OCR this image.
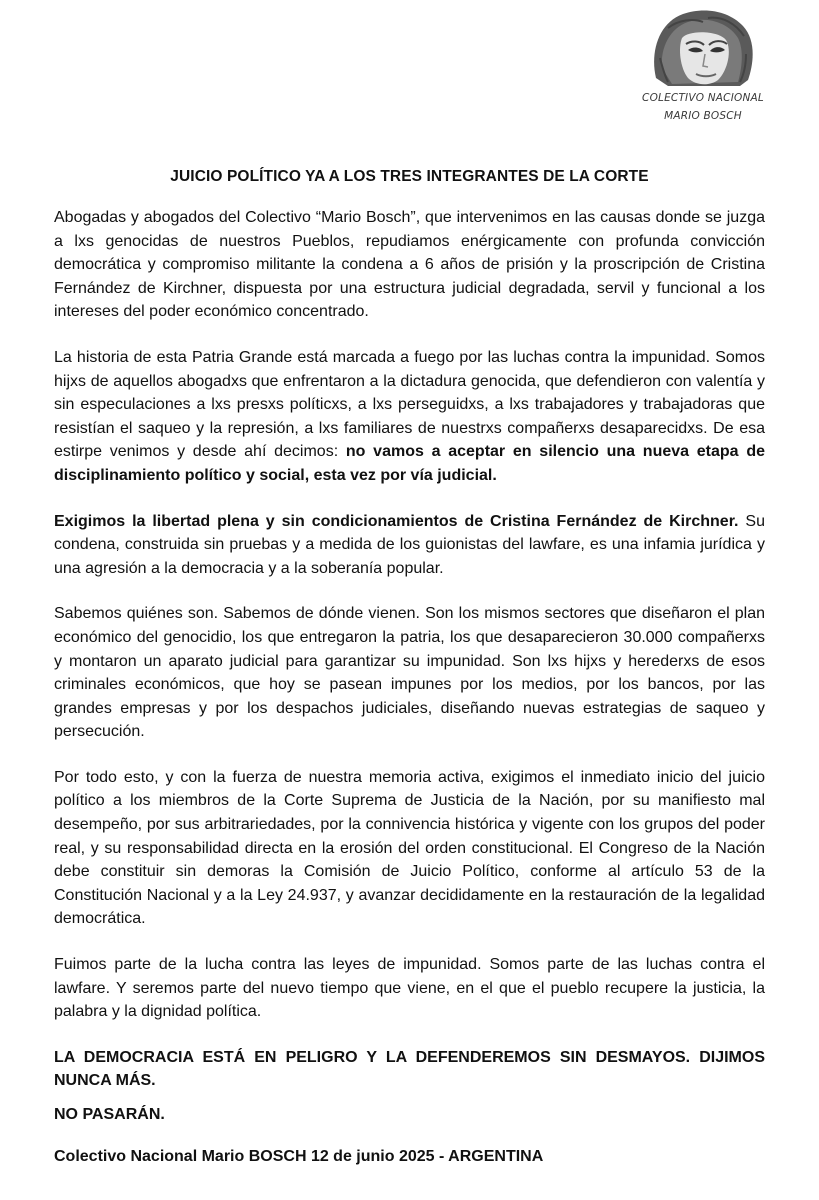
COLECTIVO NACIONAL
MARIO BOSCH
JUICIO POLÍTICO YA A LOS TRES INTEGRANTES DE LA CORTE

Abogadas y abogados del Colectivo “Mario Bosch”, que intervenimos en las causas donde se juzga a lxs genocidas de nuestros Pueblos, repudiamos enérgicamente con profunda convicción democrática y compromiso militante la condena a 6 años de prisión y la proscripción de Cristina Fernández de Kirchner, dispuesta por una estructura judicial degradada, servil y funcional a los intereses del poder económico concentrado.

La historia de esta Patria Grande está marcada a fuego por las luchas contra la impunidad. Somos hijxs de aquellos abogadxs que enfrentaron a la dictadura genocida, que defendieron con valentía y sin especulaciones a lxs presxs políticxs, a lxs perseguidxs, a lxs trabajadores y trabajadoras que resistían el saqueo y la represión, a lxs familiares de nuestrxs compañerxs desaparecidxs. De esa estirpe venimos y desde ahí decimos: no vamos a aceptar en silencio una nueva etapa de disciplinamiento político y social, esta vez por vía judicial.

Exigimos la libertad plena y sin condicionamientos de Cristina Fernández de Kirchner. Su condena, construida sin pruebas y a medida de los guionistas del lawfare, es una infamia jurídica y una agresión a la democracia y a la soberanía popular.

Sabemos quiénes son. Sabemos de dónde vienen. Son los mismos sectores que diseñaron el plan económico del genocidio, los que entregaron la patria, los que desaparecieron 30.000 compañerxs y montaron un aparato judicial para garantizar su impunidad. Son lxs hijxs y herederxs de esos criminales económicos, que hoy se pasean impunes por los medios, por los bancos, por las grandes empresas y por los despachos judiciales, diseñando nuevas estrategias de saqueo y persecución.

Por todo esto, y con la fuerza de nuestra memoria activa, exigimos el inmediato inicio del juicio político a los miembros de la Corte Suprema de Justicia de la Nación, por su manifiesto mal desempeño, por sus arbitrariedades, por la connivencia histórica y vigente con los grupos del poder real, y su responsabilidad directa en la erosión del orden constitucional. El Congreso de la Nación debe constituir sin demoras la Comisión de Juicio Político, conforme al artículo 53 de la Constitución Nacional y a la Ley 24.937, y avanzar decididamente en la restauración de la legalidad democrática.

Fuimos parte de la lucha contra las leyes de impunidad. Somos parte de las luchas contra el lawfare. Y seremos parte del nuevo tiempo que viene, en el que el pueblo recupere la justicia, la palabra y la dignidad política.

LA DEMOCRACIA ESTÁ EN PELIGRO Y LA DEFENDEREMOS SIN DESMAYOS. DIJIMOS NUNCA MÁS.

NO PASARÁN.

Colectivo Nacional Mario BOSCH 12 de junio 2025 - ARGENTINA
